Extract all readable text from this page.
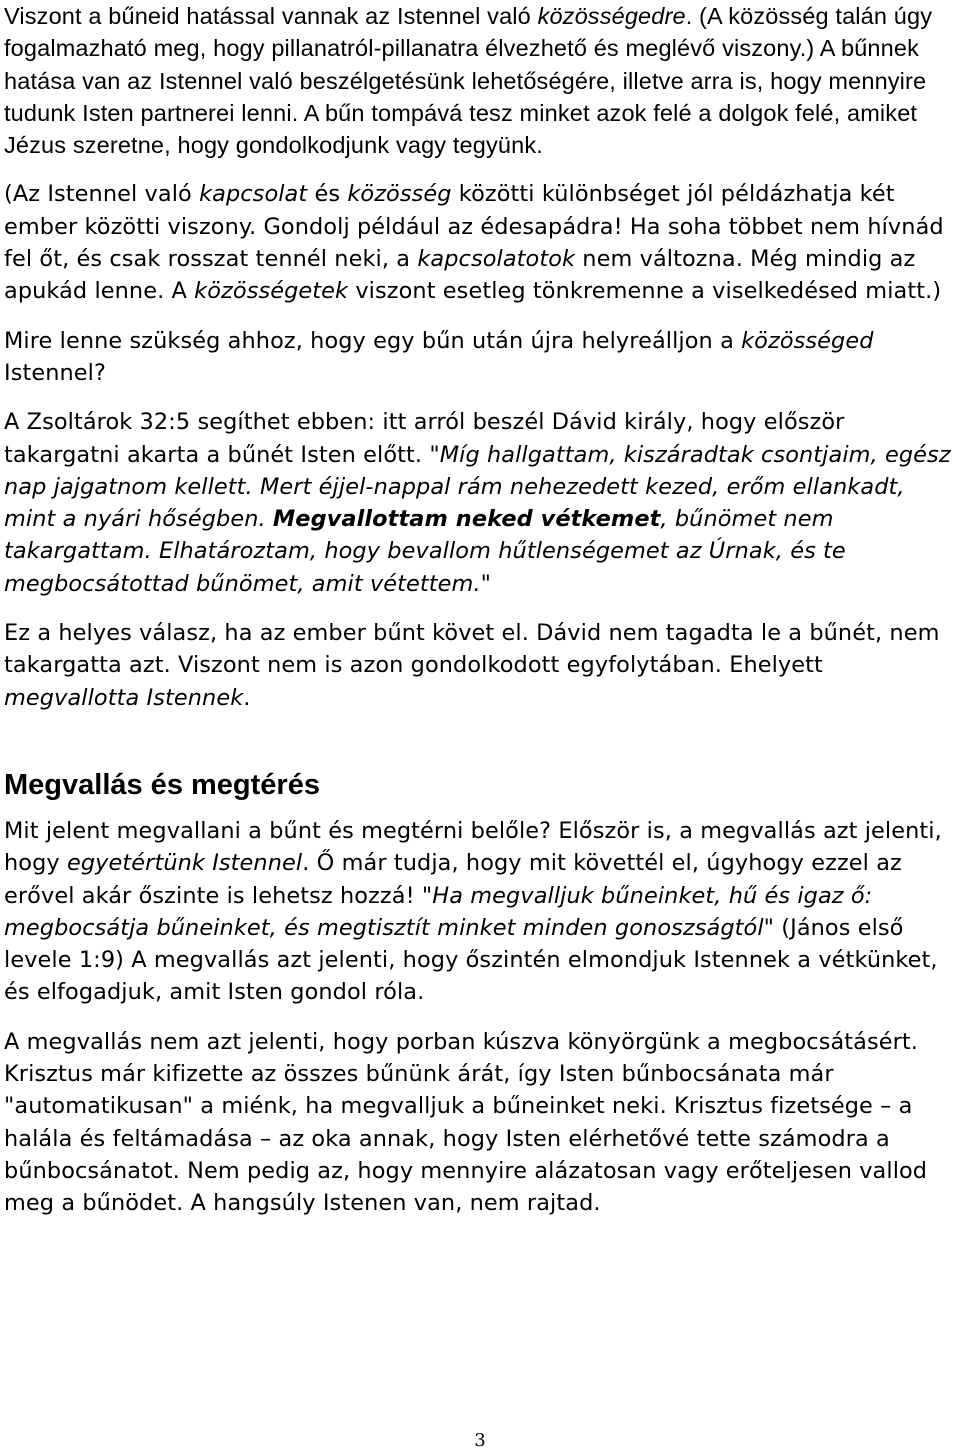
Viszont a bűneid hatással vannak az Istennel való közösségedre. (A közösség talán úgy fogalmazható meg, hogy pillanatról-pillanatra élvezhető és meglévő viszony.) A bűnnek hatása van az Istennel való beszélgetésünk lehetőségére, illetve arra is, hogy mennyire tudunk Isten partnerei lenni. A bűn tompává tesz minket azok felé a dolgok felé, amiket Jézus szeretne, hogy gondolkodjunk vagy tegyünk.

(Az Istennel való kapcsolat és közösség közötti különbséget jól példázhatja két ember közötti viszony. Gondolj például az édesapádra! Ha soha többet nem hívnád fel őt, és csak rosszat tennél neki, a kapcsolatotok nem változna. Még mindig az apukád lenne. A közösségetek viszont esetleg tönkremenne a viselkedésed miatt.)

Mire lenne szükség ahhoz, hogy egy bűn után újra helyreálljon a közösséged Istennel?

A Zsoltárok 32:5 segíthet ebben: itt arról beszél Dávid király, hogy először takargatni akarta a bűnét Isten előtt. "Míg hallgattam, kiszáradtak csontjaim, egész nap jajgatnom kellett. Mert éjjel-nappal rám nehezedett kezed, erőm ellankadt, mint a nyári hőségben. Megvallottam neked vétkemet, bűnömet nem takargattam. Elhatároztam, hogy bevallom hűtlenségemet az Úrnak, és te megbocsátottad bűnömet, amit vétettem."

Ez a helyes válasz, ha az ember bűnt követ el. Dávid nem tagadta le a bűnét, nem takargatta azt. Viszont nem is azon gondolkodott egyfolytában. Ehelyett megvallotta Istennek.

Megvallás és megtérés

Mit jelent megvallani a bűnt és megtérni belőle? Először is, a megvallás azt jelenti, hogy egyetértünk Istennel. Ő már tudja, hogy mit követtél el, úgyhogy ezzel az erővel akár őszinte is lehetsz hozzá! "Ha megvalljuk bűneinket, hű és igaz ő: megbocsátja bűneinket, és megtisztít minket minden gonoszságtól" (János első levele 1:9) A megvallás azt jelenti, hogy őszintén elmondjuk Istennek a vétkünket, és elfogadjuk, amit Isten gondol róla.

A megvallás nem azt jelenti, hogy porban kúszva könyörgünk a megbocsátásért. Krisztus már kifizette az összes bűnünk árát, így Isten bűnbocsánata már "automatikusan" a miénk, ha megvalljuk a bűneinket neki. Krisztus fizetsége – a halála és feltámadása – az oka annak, hogy Isten elérhetővé tette számodra a bűnbocsánatot. Nem pedig az, hogy mennyire alázatosan vagy erőteljesen vallod meg a bűnödet. A hangsúly Istenen van, nem rajtad.

3
